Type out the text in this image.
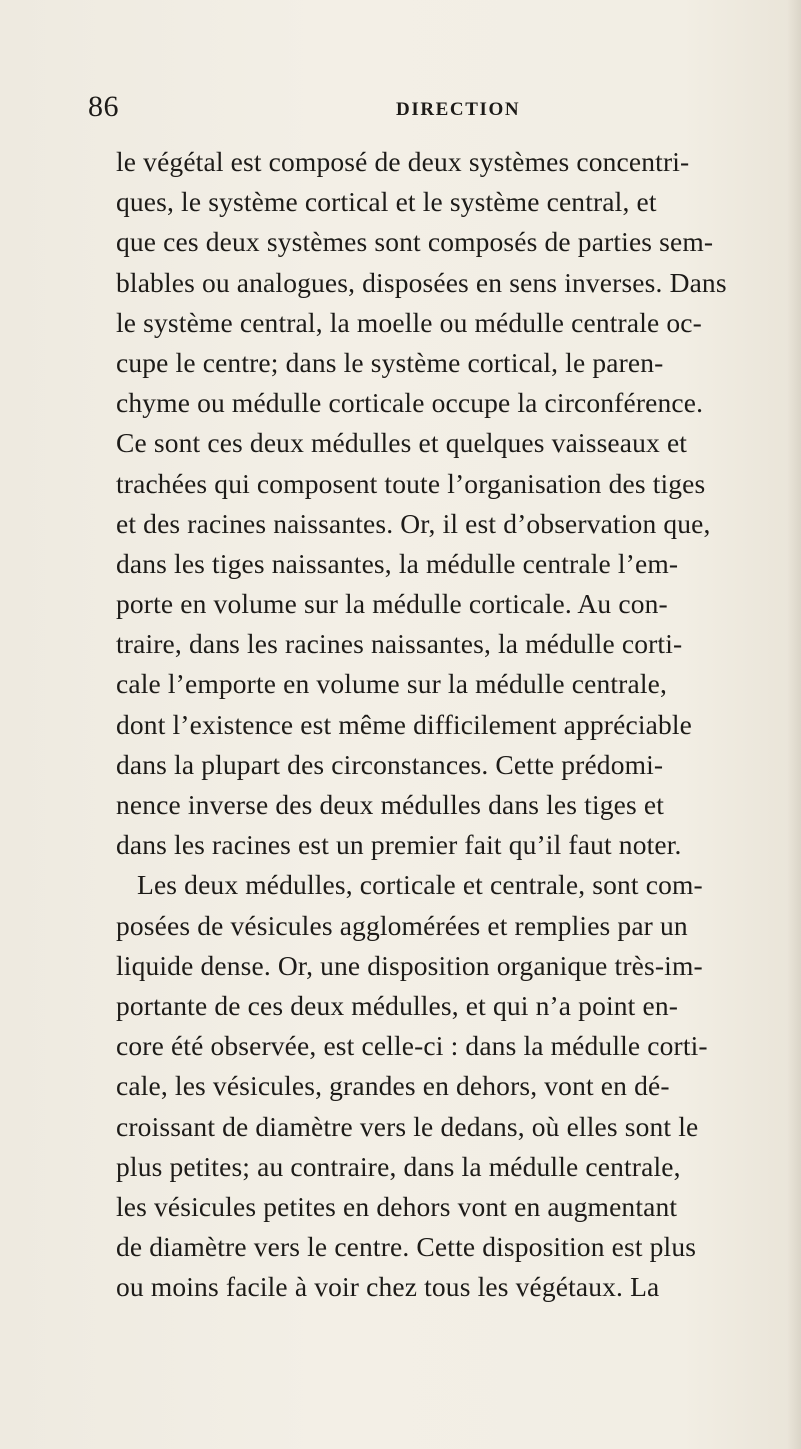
86	DIRECTION
le végétal est composé de deux systèmes concentri-
ques, le système cortical et le système central, et
que ces deux systèmes sont composés de parties sem-
blables ou analogues, disposées en sens inverses. Dans
le système central, la moelle ou médulle centrale oc-
cupe le centre; dans le système cortical, le paren-
chyme ou médulle corticale occupe la circonférence.
Ce sont ces deux médulles et quelques vaisseaux et
trachées qui composent toute l’organisation des tiges
et des racines naissantes. Or, il est d’observation que,
dans les tiges naissantes, la médulle centrale l’em-
porte en volume sur la médulle corticale. Au con-
traire, dans les racines naissantes, la médulle corti-
cale l’emporte en volume sur la médulle centrale,
dont l’existence est même difficilement appréciable
dans la plupart des circonstances. Cette prédomi-
nence inverse des deux médulles dans les tiges et
dans les racines est un premier fait qu’il faut noter.
Les deux médulles, corticale et centrale, sont com-
posées de vésicules agglomérées et remplies par un
liquide dense. Or, une disposition organique très-im-
portante de ces deux médulles, et qui n’a point en-
core été observée, est celle-ci : dans la médulle corti-
cale, les vésicules, grandes en dehors, vont en dé-
croissant de diamètre vers le dedans, où elles sont le
plus petites; au contraire, dans la médulle centrale,
les vésicules petites en dehors vont en augmentant
de diamètre vers le centre. Cette disposition est plus
ou moins facile à voir chez tous les végétaux. La
